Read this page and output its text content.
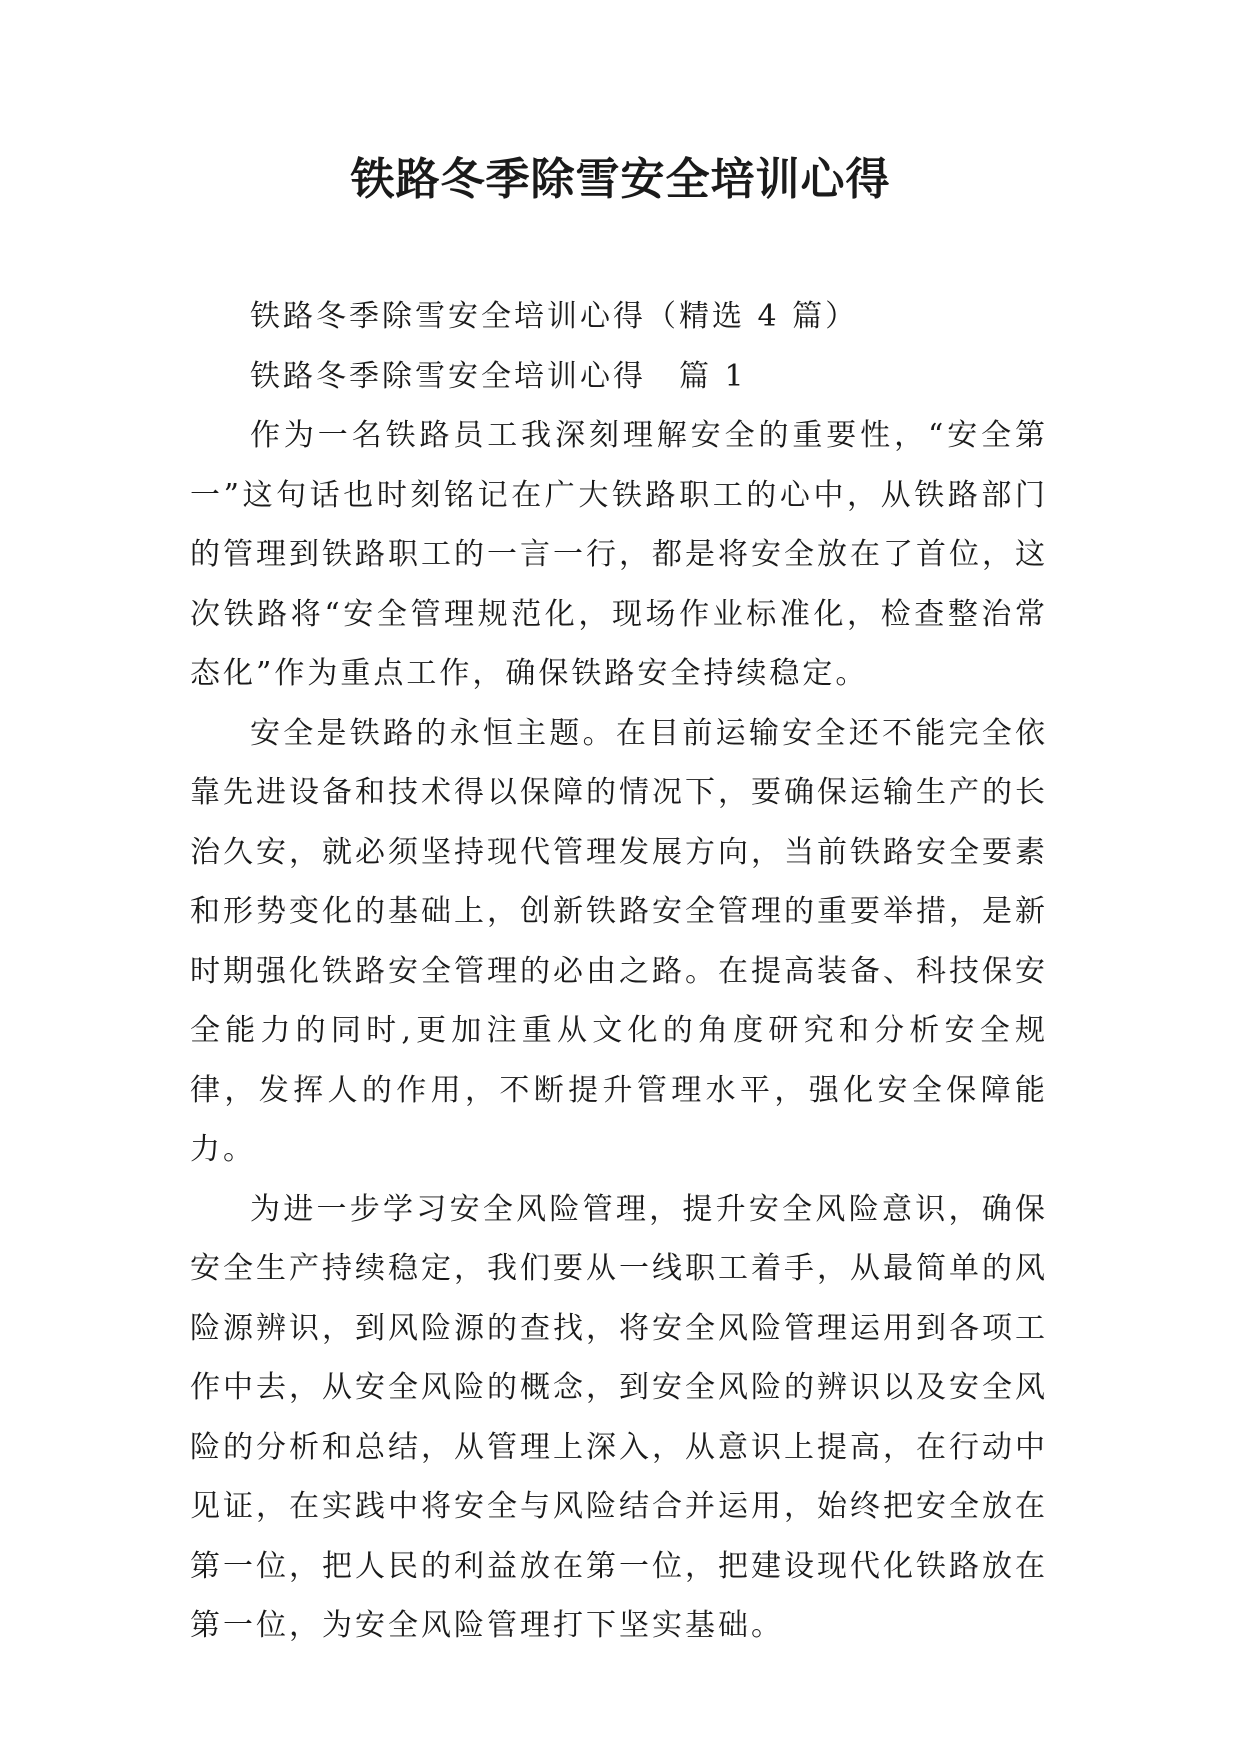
铁路冬季除雪安全培训心得

铁路冬季除雪安全培训心得（精选 4 篇）

铁路冬季除雪安全培训心得　篇 1

作为一名铁路员工我深刻理解安全的重要性，“安全第一”这句话也时刻铭记在广大铁路职工的心中，从铁路部门的管理到铁路职工的一言一行，都是将安全放在了首位，这次铁路将“安全管理规范化，现场作业标准化，检查整治常态化”作为重点工作，确保铁路安全持续稳定。

安全是铁路的永恒主题。在目前运输安全还不能完全依靠先进设备和技术得以保障的情况下，要确保运输生产的长治久安，就必须坚持现代管理发展方向，当前铁路安全要素和形势变化的基础上，创新铁路安全管理的重要举措，是新时期强化铁路安全管理的必由之路。在提高装备、科技保安全能力的同时,更加注重从文化的角度研究和分析安全规律，发挥人的作用，不断提升管理水平，强化安全保障能力。

为进一步学习安全风险管理，提升安全风险意识，确保安全生产持续稳定，我们要从一线职工着手，从最简单的风险源辨识，到风险源的查找，将安全风险管理运用到各项工作中去，从安全风险的概念，到安全风险的辨识以及安全风险的分析和总结，从管理上深入，从意识上提高，在行动中见证，在实践中将安全与风险结合并运用，始终把安全放在第一位，把人民的利益放在第一位，把建设现代化铁路放在第一位，为安全风险管理打下坚实基础。
